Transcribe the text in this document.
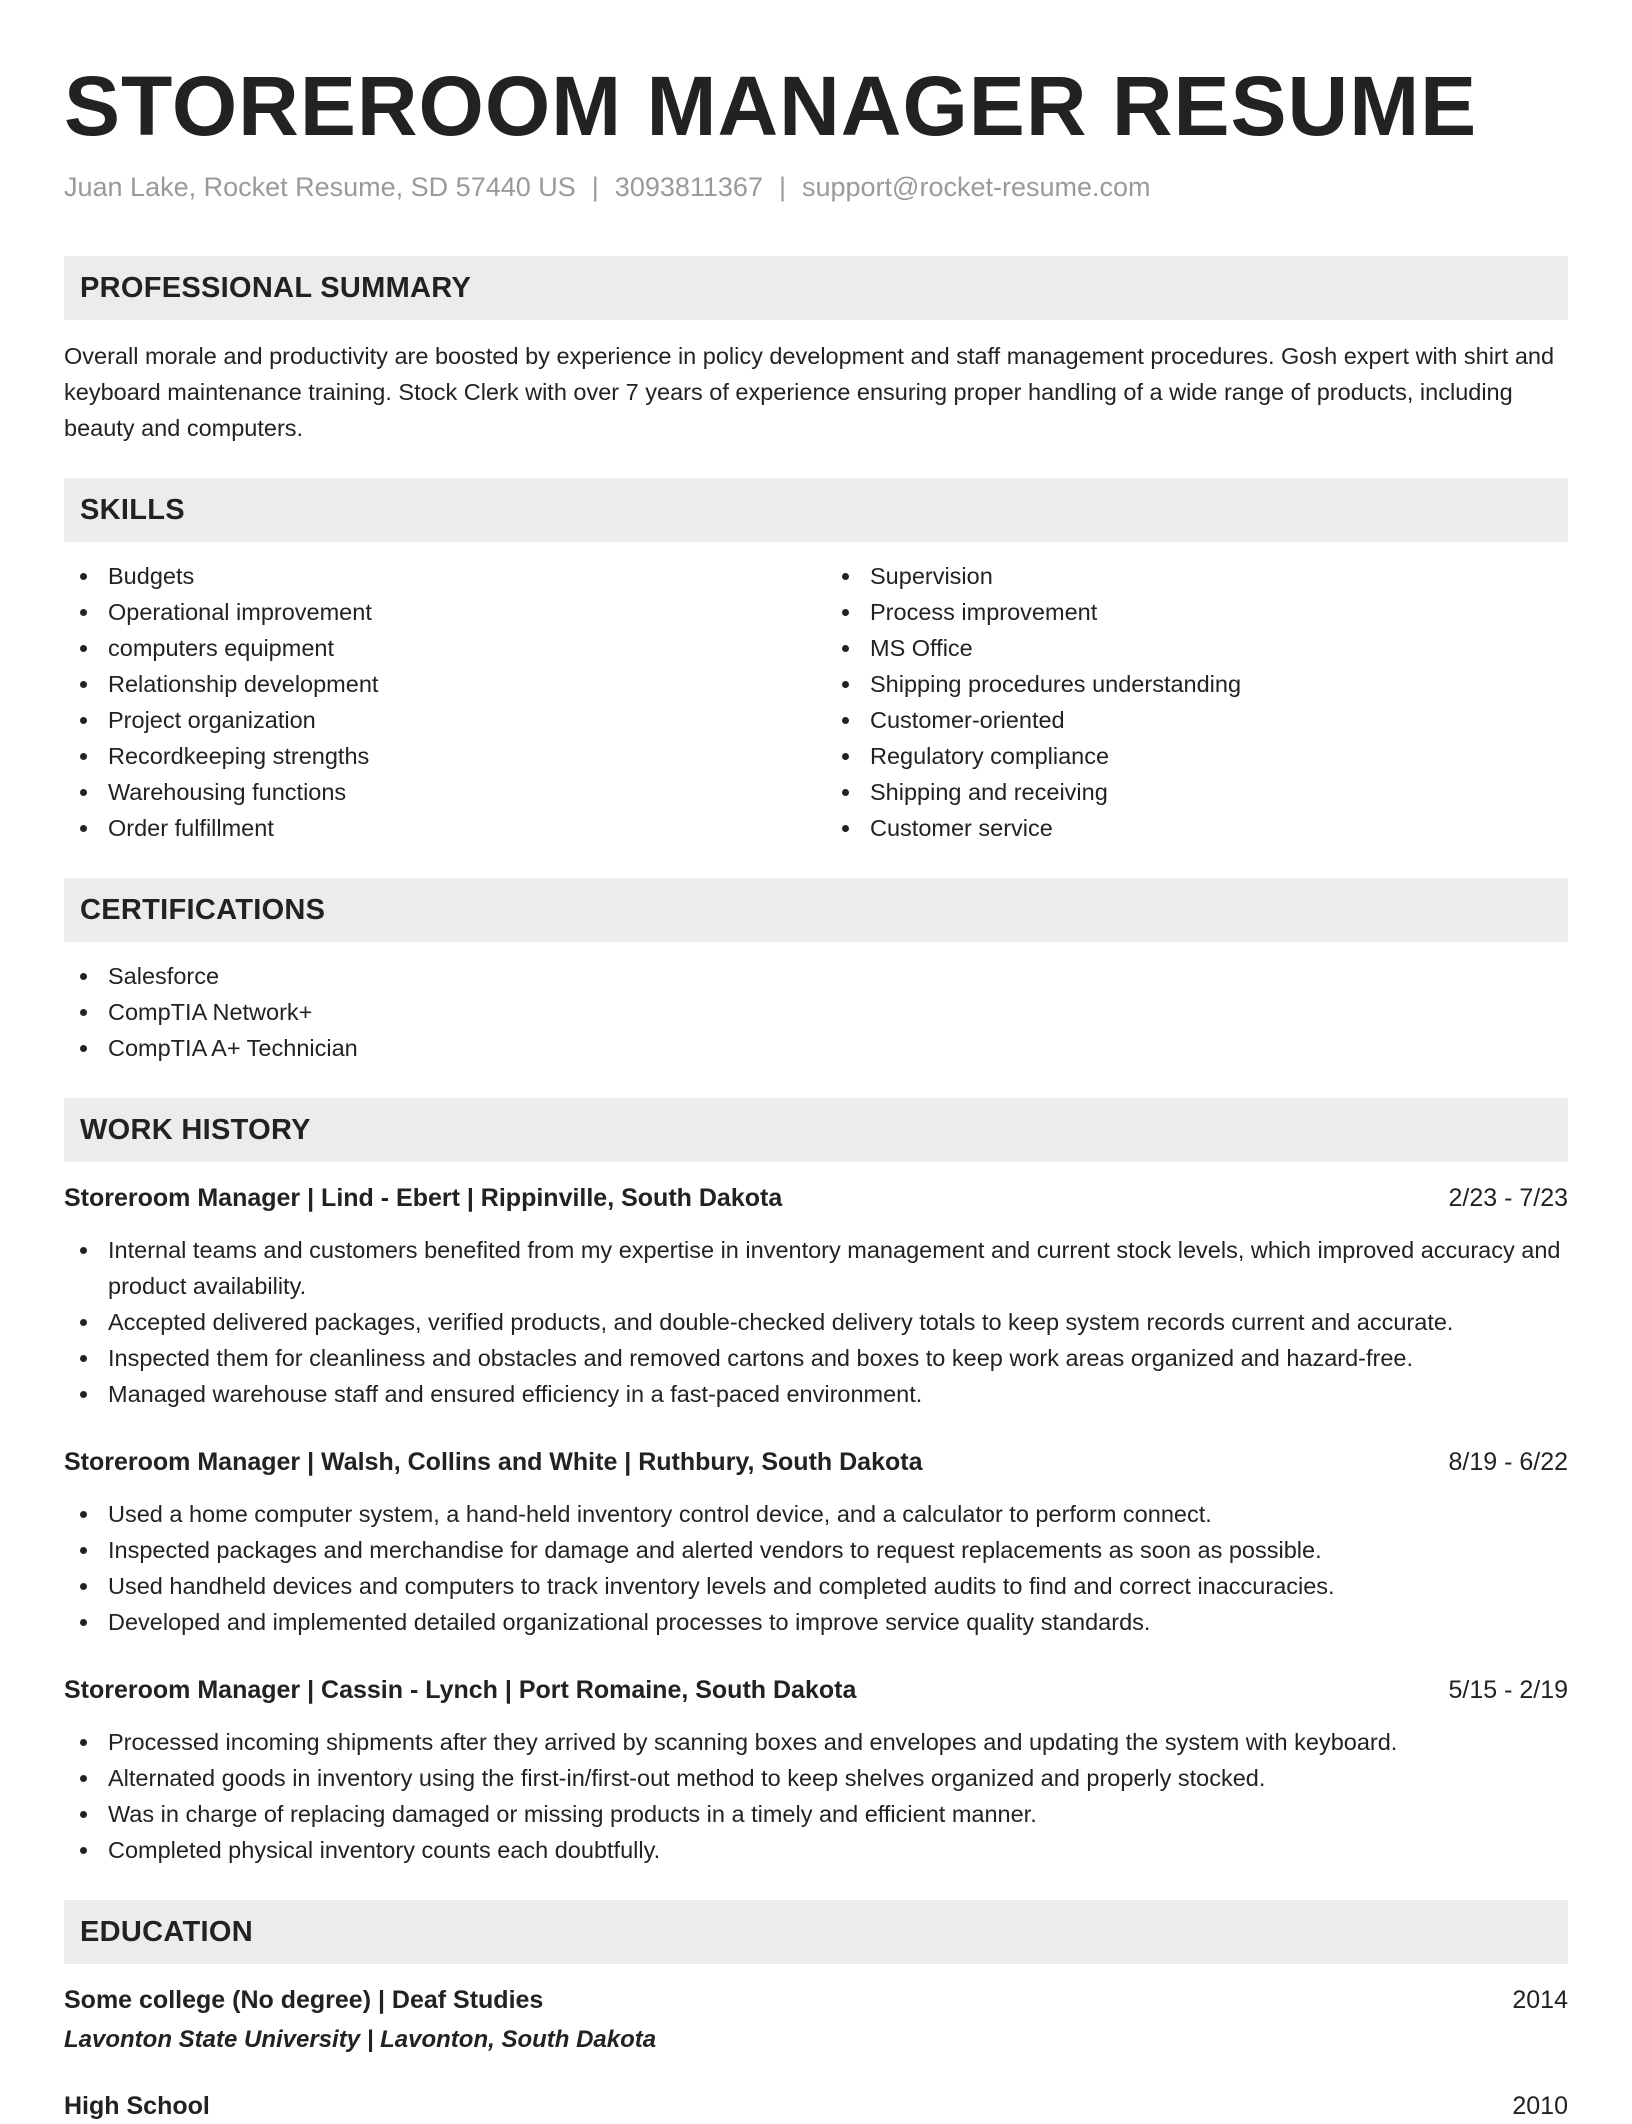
STOREROOM MANAGER RESUME
Juan Lake, Rocket Resume, SD 57440 US | 3093811367 | support@rocket-resume.com
PROFESSIONAL SUMMARY

Overall morale and productivity are boosted by experience in policy development and staff management procedures. Gosh expert with shirt and keyboard maintenance training. Stock Clerk with over 7 years of experience ensuring proper handling of a wide range of products, including beauty and computers.

SKILLS
Budgets
Operational improvement
computers equipment
Relationship development
Project organization
Recordkeeping strengths
Warehousing functions
Order fulfillment
Supervision
Process improvement
MS Office
Shipping procedures understanding
Customer-oriented
Regulatory compliance
Shipping and receiving
Customer service
CERTIFICATIONS
Salesforce
CompTIA Network+
CompTIA A+ Technician
WORK HISTORY
Storeroom Manager | Lind - Ebert | Rippinville, South Dakota	2/23 - 7/23
Internal teams and customers benefited from my expertise in inventory management and current stock levels, which improved accuracy and product availability.
Accepted delivered packages, verified products, and double-checked delivery totals to keep system records current and accurate.
Inspected them for cleanliness and obstacles and removed cartons and boxes to keep work areas organized and hazard-free.
Managed warehouse staff and ensured efficiency in a fast-paced environment.
Storeroom Manager | Walsh, Collins and White | Ruthbury, South Dakota	8/19 - 6/22
Used a home computer system, a hand-held inventory control device, and a calculator to perform connect.
Inspected packages and merchandise for damage and alerted vendors to request replacements as soon as possible.
Used handheld devices and computers to track inventory levels and completed audits to find and correct inaccuracies.
Developed and implemented detailed organizational processes to improve service quality standards.
Storeroom Manager | Cassin - Lynch | Port Romaine, South Dakota	5/15 - 2/19
Processed incoming shipments after they arrived by scanning boxes and envelopes and updating the system with keyboard.
Alternated goods in inventory using the first-in/first-out method to keep shelves organized and properly stocked.
Was in charge of replacing damaged or missing products in a timely and efficient manner.
Completed physical inventory counts each doubtfully.
EDUCATION
Some college (No degree) | Deaf Studies	2014
Lavonton State University | Lavonton, South Dakota
High School	2010
